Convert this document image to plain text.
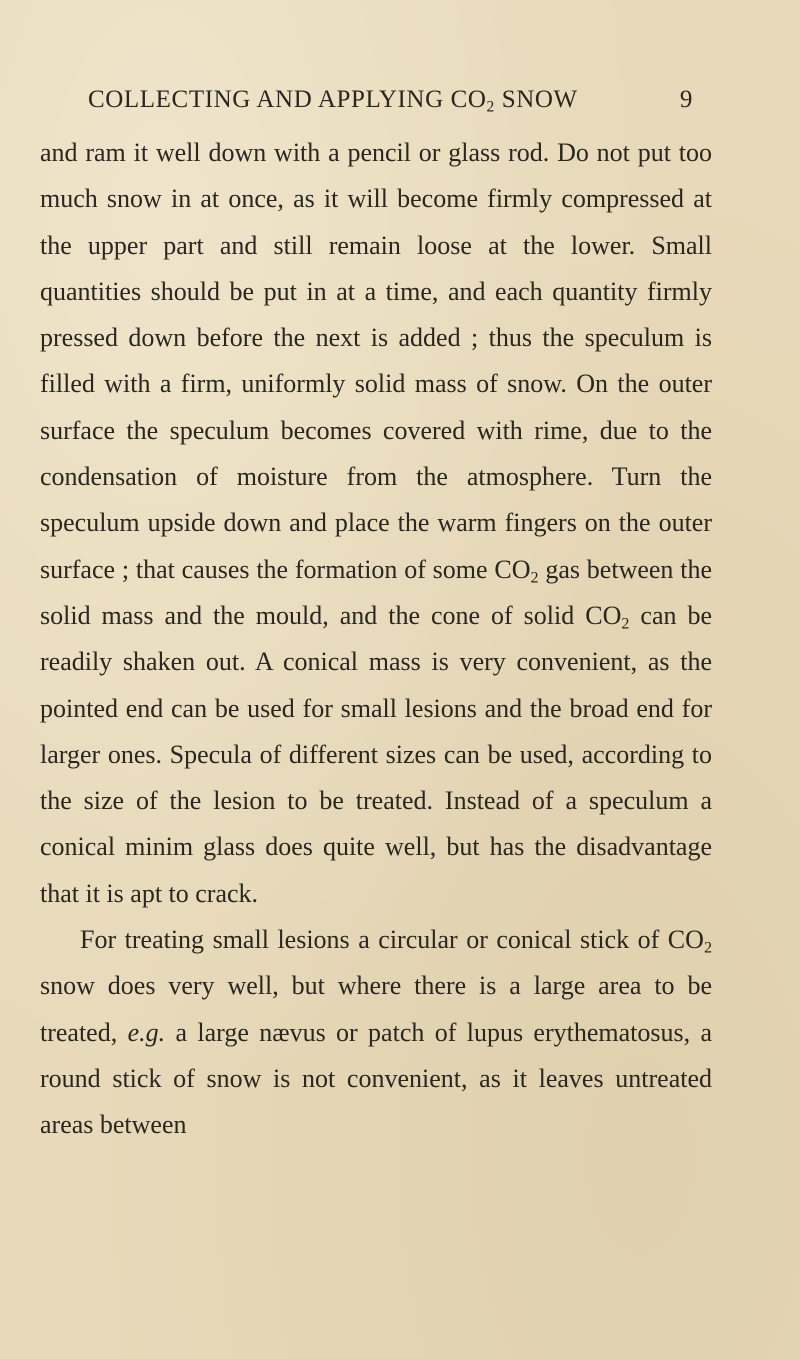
COLLECTING AND APPLYING $CO_2$ SNOW	9

and ram it well down with a pencil or glass rod. Do not put too much snow in at once, as it will become firmly compressed at the upper part and still remain loose at the lower. Small quantities should be put in at a time, and each quantity firmly pressed down before the next is added ; thus the speculum is filled with a firm, uniformly solid mass of snow. On the outer surface the speculum becomes covered with rime, due to the condensation of moisture from the atmosphere. Turn the speculum upside down and place the warm fingers on the outer surface ; that causes the formation of some $CO_2$ gas between the solid mass and the mould, and the cone of solid $CO_2$ can be readily shaken out. A conical mass is very convenient, as the pointed end can be used for small lesions and the broad end for larger ones. Specula of different sizes can be used, according to the size of the lesion to be treated. Instead of a speculum a conical minim glass does quite well, but has the disadvantage that it is apt to crack.

For treating small lesions a circular or conical stick of $CO_2$ snow does very well, but where there is a large area to be treated, e.g. a large nævus or patch of lupus erythematosus, a round stick of snow is not convenient, as it leaves untreated areas between
